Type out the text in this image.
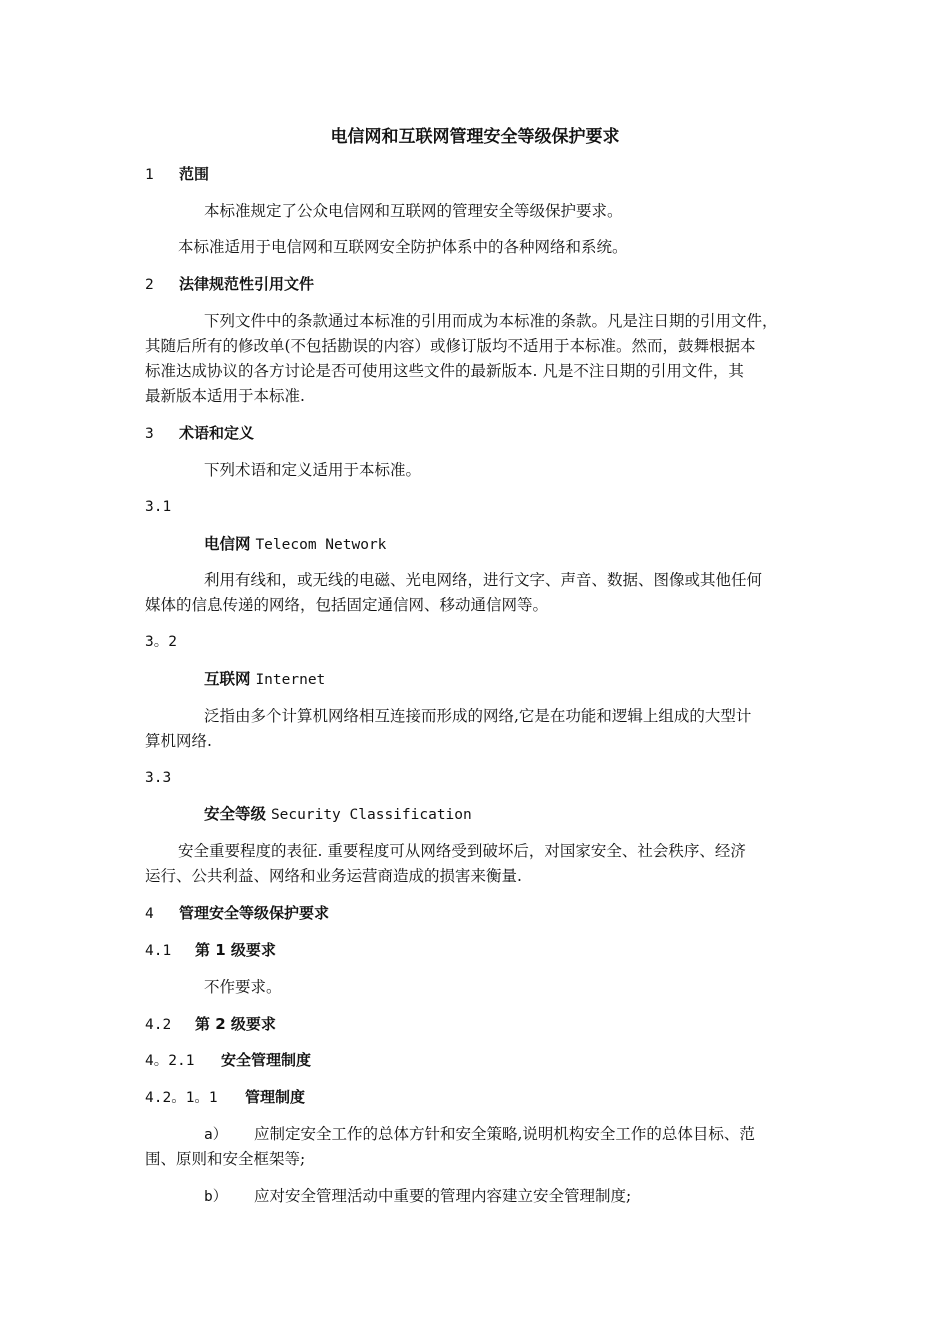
电信网和互联网管理安全等级保护要求

1 范围

本标准规定了公众电信网和互联网的管理安全等级保护要求。

本标准适用于电信网和互联网安全防护体系中的各种网络和系统。

2 法律规范性引用文件

下列文件中的条款通过本标准的引用而成为本标准的条款。凡是注日期的引用文件，

其随后所有的修改单(不包括勘误的内容）或修订版均不适用于本标准。然而，鼓舞根据本

标准达成协议的各方讨论是否可使用这些文件的最新版本. 凡是不注日期的引用文件，其

最新版本适用于本标准.

3 术语和定义

下列术语和定义适用于本标准。

3.1

电信网 Telecom Network

利用有线和，或无线的电磁、光电网络，进行文字、声音、数据、图像或其他任何

媒体的信息传递的网络，包括固定通信网、移动通信网等。

3。2

互联网 Internet

泛指由多个计算机网络相互连接而形成的网络,它是在功能和逻辑上组成的大型计

算机网络.

3.3

安全等级 Security Classification

安全重要程度的表征. 重要程度可从网络受到破坏后，对国家安全、社会秩序、经济

运行、公共利益、网络和业务运营商造成的损害来衡量.

4 管理安全等级保护要求

4.1 第 1 级要求

不作要求。

4.2 第 2 级要求

4。2.1 安全管理制度

4.2。1。1 管理制度

a） 应制定安全工作的总体方针和安全策略,说明机构安全工作的总体目标、范

围、原则和安全框架等;

b） 应对安全管理活动中重要的管理内容建立安全管理制度;
